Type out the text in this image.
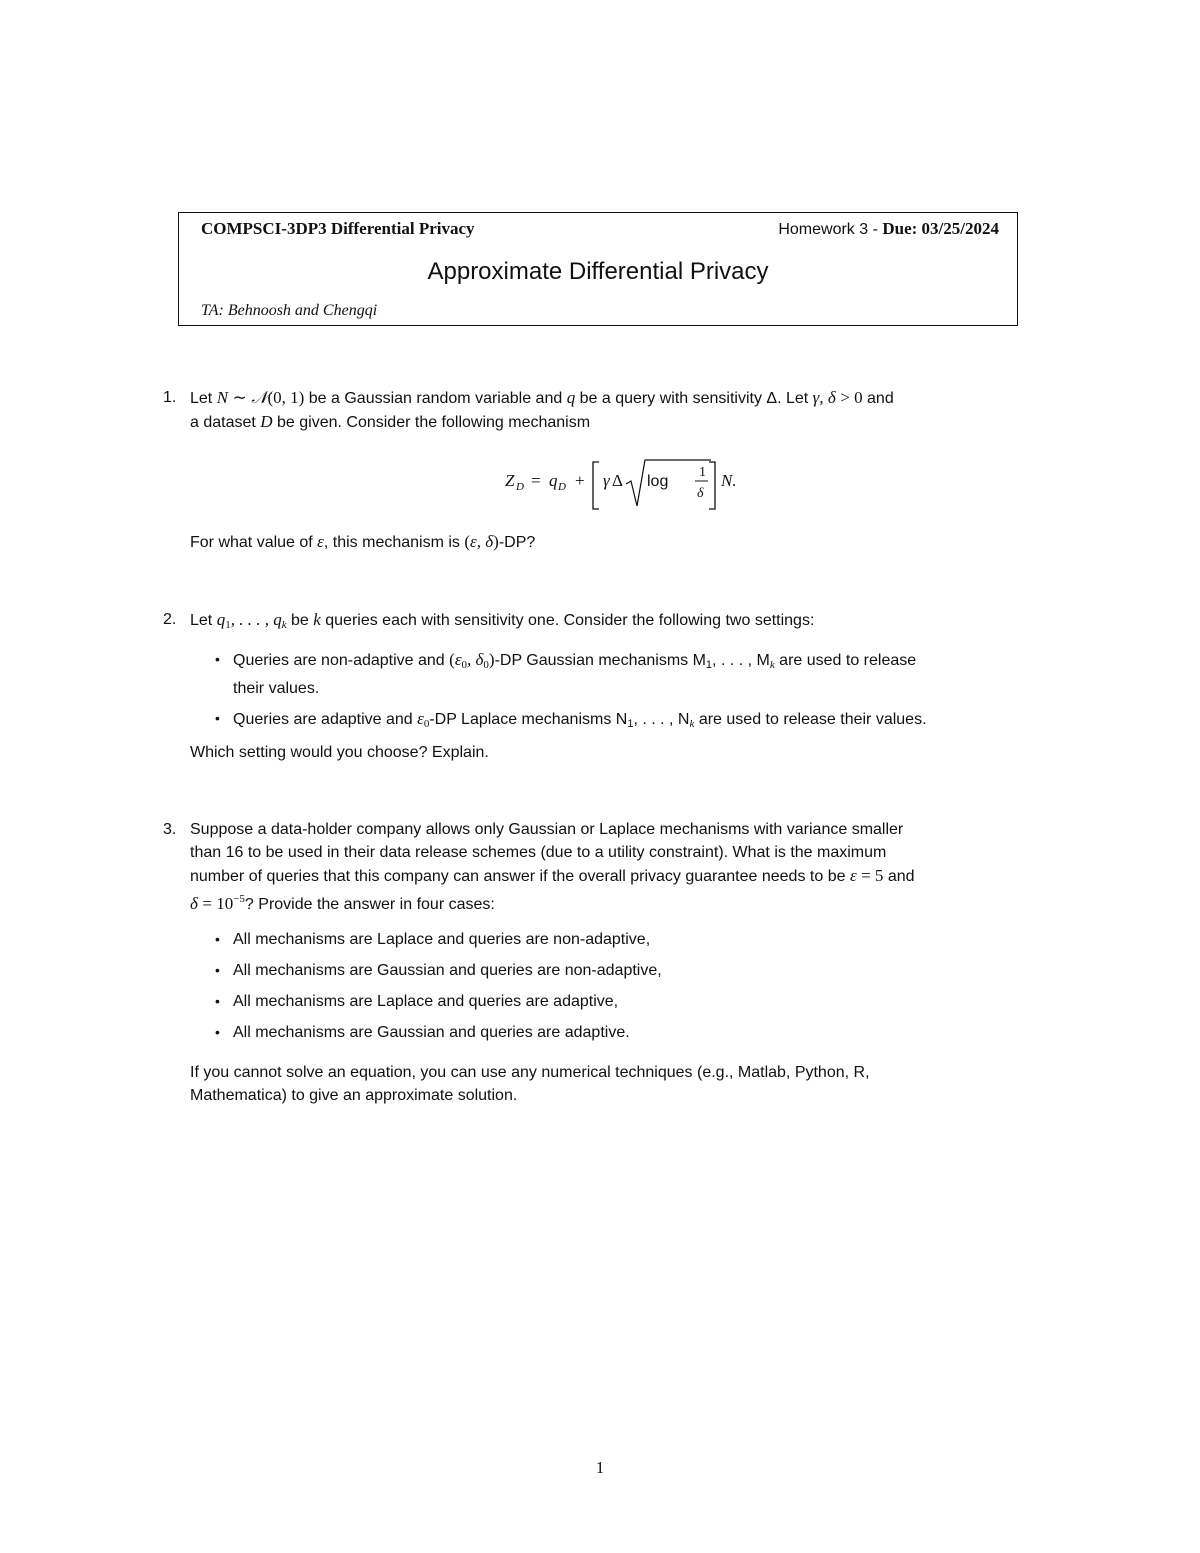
COMPSCI-3DP3 Differential Privacy	Homework 3 - Due: 03/25/2024
Approximate Differential Privacy
TA: Behnoosh and Chengqi
1. Let N ∼ 𝒩(0, 1) be a Gaussian random variable and q be a query with sensitivity Δ. Let γ, δ > 0 and
a dataset D be given. Consider the following mechanism
Z D = q D + γ Δ log
1
δ
N.
For what value of ε, this mechanism is (ε, δ)-DP?
2. Let $q_1$, . . . , $q_k$ be k queries each with sensitivity one. Consider the following two settings:
• Queries are non-adaptive and ($\varepsilon_0$, $\delta_0)-DP$ Gaussian mechanisms $M_1$, . . . , $M_k$ are used to release
their values.
• Queries are adaptive and $\varepsilon_0-DP$ Laplace mechanisms $N_1$, . . . , $N_k$ are used to release their values.
Which setting would you choose? Explain.
3. Suppose a data-holder company allows only Gaussian or Laplace mechanisms with variance smaller
than 16 to be used in their data release schemes (due to a utility constraint). What is the maximum
number of queries that this company can answer if the overall privacy guarantee needs to be ε = 5 and
$\delta = 10^{-5}$? Provide the answer in four cases:
• All mechanisms are Laplace and queries are non-adaptive,
• All mechanisms are Gaussian and queries are non-adaptive,
• All mechanisms are Laplace and queries are adaptive,
• All mechanisms are Gaussian and queries are adaptive.
If you cannot solve an equation, you can use any numerical techniques (e.g., Matlab, Python, R,
Mathematica) to give an approximate solution.
1
